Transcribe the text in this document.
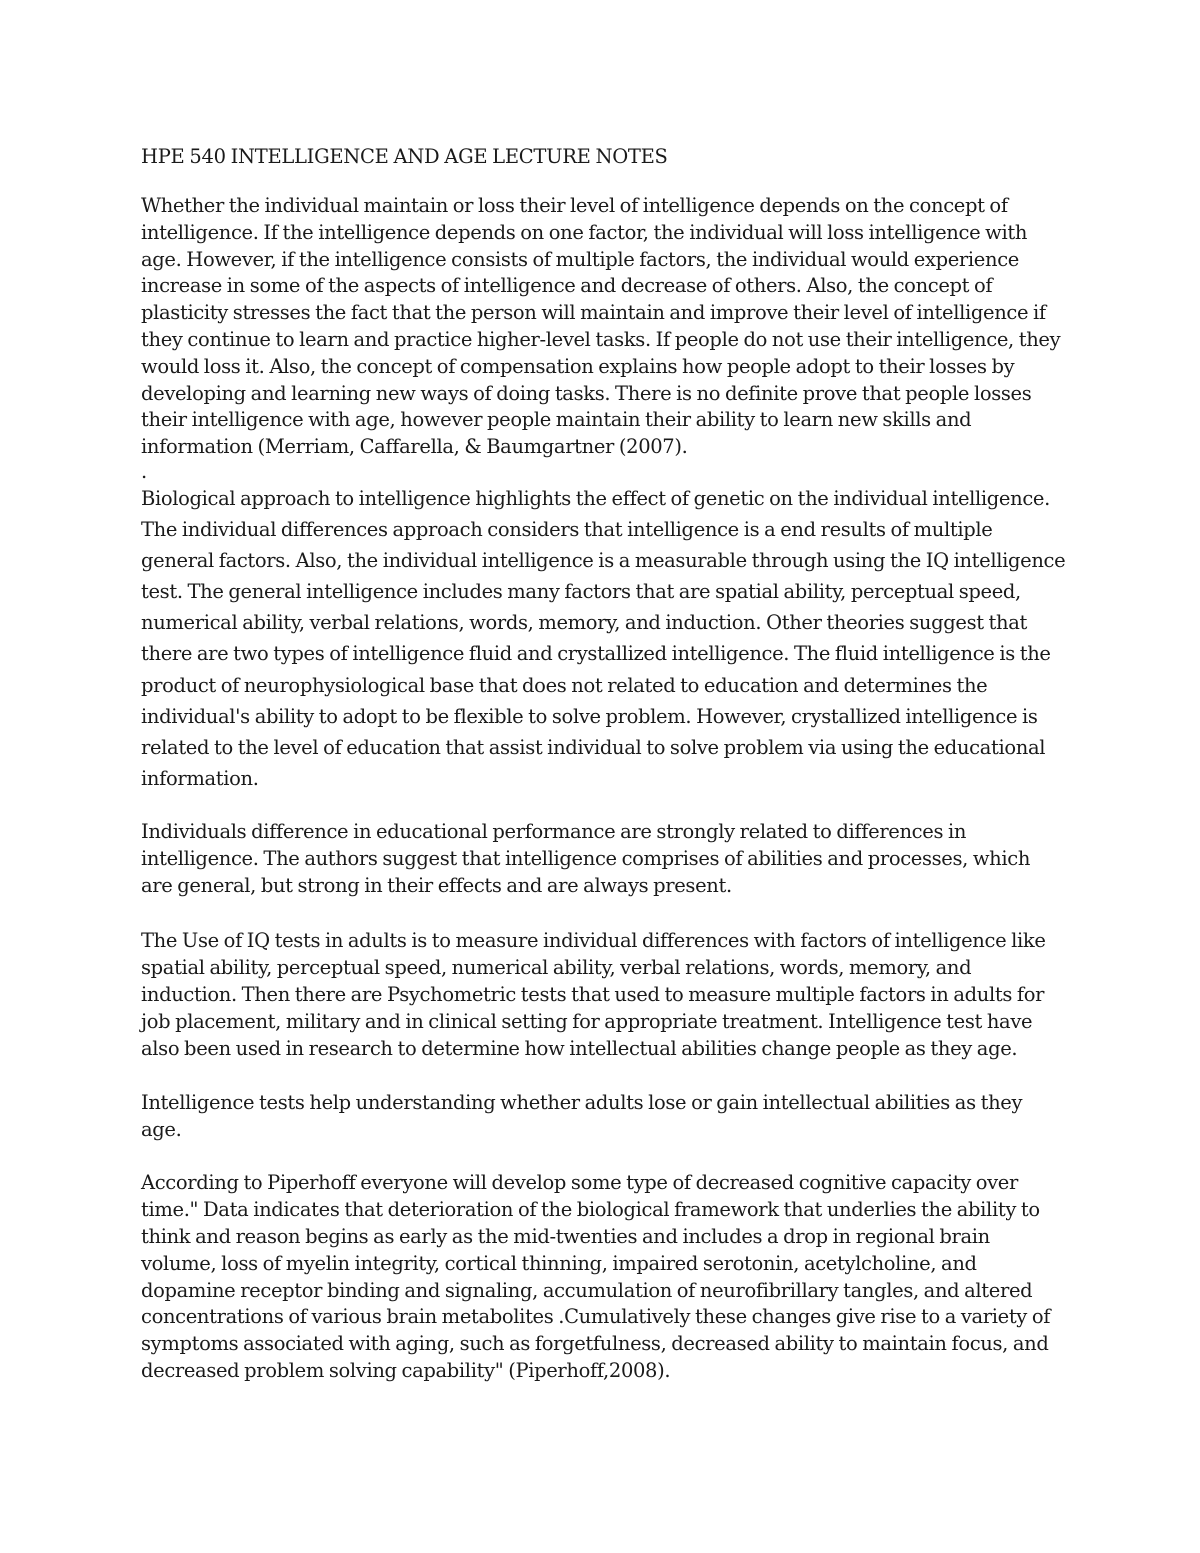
HPE 540 INTELLIGENCE AND AGE LECTURE NOTES

Whether the individual maintain or loss their level of intelligence depends on the concept of intelligence. If the intelligence depends on one factor, the individual will loss intelligence with age. However, if the intelligence consists of multiple factors, the individual would experience increase in some of the aspects of intelligence and decrease of others. Also, the concept of plasticity stresses the fact that the person will maintain and improve their level of intelligence if they continue to learn and practice higher-level tasks. If people do not use their intelligence, they would loss it. Also, the concept of compensation explains how people adopt to their losses by developing and learning new ways of doing tasks. There is no definite prove that people losses their intelligence with age, however people maintain their ability to learn new skills and information (Merriam, Caffarella, & Baumgartner (2007).

.

Biological approach to intelligence highlights the effect of genetic on the individual intelligence. The individual differences approach considers that intelligence is a end results of multiple general factors. Also, the individual intelligence is a measurable through using the IQ intelligence test. The general intelligence includes many factors that are spatial ability, perceptual speed, numerical ability, verbal relations, words, memory, and induction. Other theories suggest that there are two types of intelligence fluid and crystallized intelligence. The fluid intelligence is the product of neurophysiological base that does not related to education and determines the individual's ability to adopt to be flexible to solve problem. However, crystallized intelligence is related to the level of education that assist individual to solve problem via using the educational information.

Individuals difference in educational performance are strongly related to differences in intelligence. The authors suggest that intelligence comprises of abilities and processes, which are general, but strong in their effects and are always present.

The Use of IQ tests in adults is to measure individual differences with factors of intelligence like spatial ability, perceptual speed, numerical ability, verbal relations, words, memory, and induction. Then there are Psychometric tests that used to measure multiple factors in adults for job placement, military and in clinical setting for appropriate treatment. Intelligence test have also been used in research to determine how intellectual abilities change people as they age.

Intelligence tests help understanding whether adults lose or gain intellectual abilities as they age.

According to Piperhoff everyone will develop some type of decreased cognitive capacity over time." Data indicates that deterioration of the biological framework that underlies the ability to think and reason begins as early as the mid-twenties and includes a drop in regional brain volume, loss of myelin integrity, cortical thinning, impaired serotonin, acetylcholine, and dopamine receptor binding and signaling, accumulation of neurofibrillary tangles, and altered concentrations of various brain metabolites .Cumulatively these changes give rise to a variety of symptoms associated with aging, such as forgetfulness, decreased ability to maintain focus, and decreased problem solving capability" (Piperhoff,2008).
